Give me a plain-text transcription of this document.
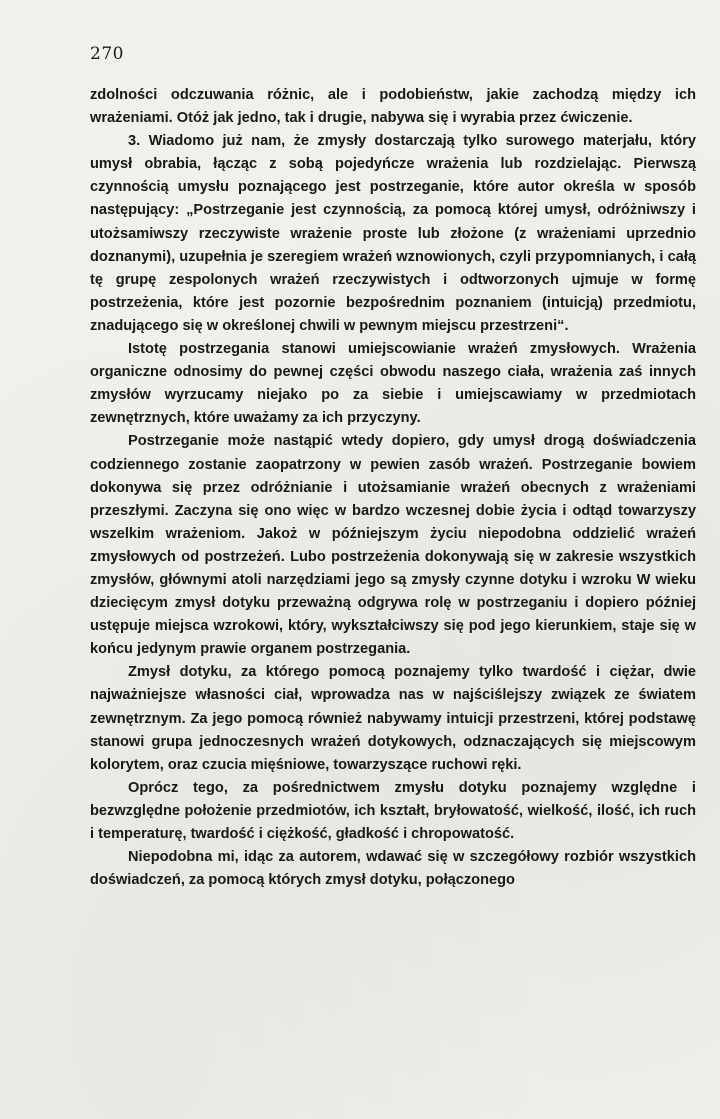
270

zdolności odczuwania różnic, ale i podobieństw, jakie zachodzą między ich wrażeniami. Otóż jak jedno, tak i drugie, nabywa się i wyrabia przez ćwiczenie.

3. Wiadomo już nam, że zmysły dostarczają tylko surowego materjału, który umysł obrabia, łącząc z sobą pojedyńcze wrażenia lub rozdzielając. Pierwszą czynnością umysłu poznającego jest postrzeganie, które autor określa w sposób następujący: „Postrzeganie jest czynnością, za pomocą której umysł, odróżniwszy i utożsamiwszy rzeczywiste wrażenie proste lub złożone (z wrażeniami uprzednio doznanymi), uzupełnia je szeregiem wrażeń wznowionych, czyli przypomnianych, i całą tę grupę zespolonych wrażeń rzeczywistych i odtworzonych ujmuje w formę postrzeżenia, które jest pozornie bezpośrednim poznaniem (intuicją) przedmiotu, znadującego się w określonej chwili w pewnym miejscu przestrzeni“.

Istotę postrzegania stanowi umiejscowianie wrażeń zmysłowych. Wrażenia organiczne odnosimy do pewnej części obwodu naszego ciała, wrażenia zaś innych zmysłów wyrzucamy niejako po za siebie i umiejscawiamy w przedmiotach zewnętrznych, które uważamy za ich przyczyny.

Postrzeganie może nastąpić wtedy dopiero, gdy umysł drogą doświadczenia codziennego zostanie zaopatrzony w pewien zasób wrażeń. Postrzeganie bowiem dokonywa się przez odróżnianie i utożsamianie wrażeń obecnych z wrażeniami przeszłymi. Zaczyna się ono więc w bardzo wczesnej dobie życia i odtąd towarzyszy wszelkim wrażeniom. Jakoż w późniejszym życiu niepodobna oddzielić wrażeń zmysłowych od postrzeżeń. Lubo postrzeżenia dokonywają się w zakresie wszystkich zmysłów, głównymi atoli narzędziami jego są zmysły czynne dotyku i wzroku W wieku dziecięcym zmysł dotyku przeważną odgrywa rolę w postrzeganiu i dopiero później ustępuje miejsca wzrokowi, który, wykształciwszy się pod jego kierunkiem, staje się w końcu jedynym prawie organem postrzegania.

Zmysł dotyku, za którego pomocą poznajemy tylko twardość i ciężar, dwie najważniejsze własności ciał, wprowadza nas w najściślejszy związek ze światem zewnętrznym. Za jego pomocą również nabywamy intuicji przestrzeni, której podstawę stanowi grupa jednoczesnych wrażeń dotykowych, odznaczających się miejscowym kolorytem, oraz czucia mięśniowe, towarzyszące ruchowi ręki.

Oprócz tego, za pośrednictwem zmysłu dotyku poznajemy względne i bezwzględne położenie przedmiotów, ich kształt, bryłowatość, wielkość, ilość, ich ruch i temperaturę, twardość i ciężkość, gładkość i chropowatość.

Niepodobna mi, idąc za autorem, wdawać się w szczegółowy rozbiór wszystkich doświadczeń, za pomocą których zmysł dotyku, połączonego
